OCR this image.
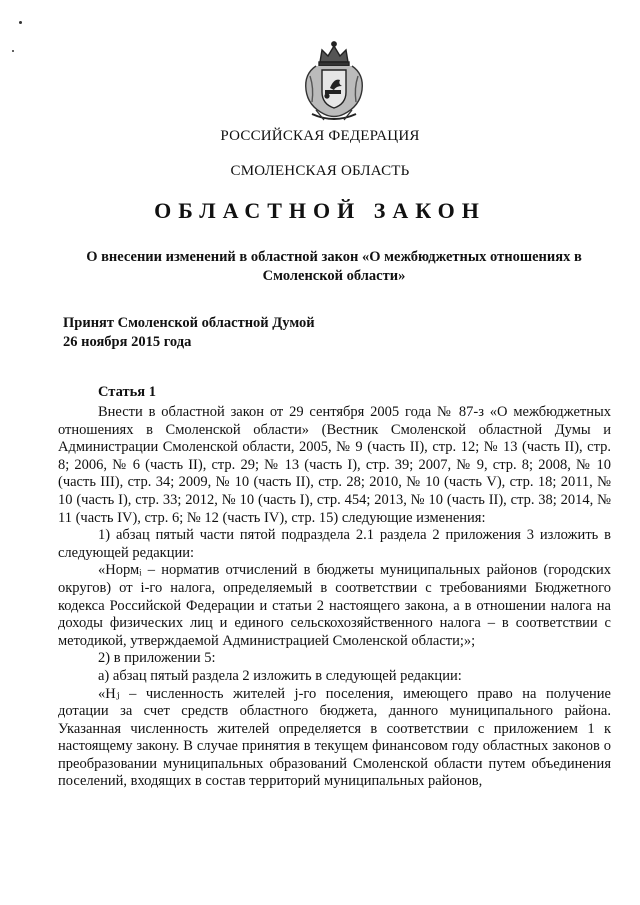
РОССИЙСКАЯ ФЕДЕРАЦИЯ
СМОЛЕНСКАЯ ОБЛАСТЬ
ОБЛАСТНОЙ ЗАКОН
О внесении изменений в областной закон «О межбюджетных отношениях в
Смоленской области»
Принят Смоленской областной Думой
26 ноября 2015 года
Статья 1

Внести в областной закон от 29 сентября 2005 года № 87-з «О межбюджетных отношениях в Смоленской области» (Вестник Смоленской областной Думы и Администрации Смоленской области, 2005, № 9 (часть II), стр. 12; № 13 (часть II), стр. 8; 2006, № 6 (часть II), стр. 29; № 13 (часть I), стр. 39; 2007, № 9, стр. 8; 2008, № 10 (часть III), стр. 34; 2009, № 10 (часть II), стр. 28; 2010, № 10 (часть V), стр. 18; 2011, № 10 (часть I), стр. 33; 2012, № 10 (часть I), стр. 454; 2013, № 10 (часть II), стр. 38; 2014, № 11 (часть IV), стр. 6; № 12 (часть IV), стр. 15) следующие изменения:

1) абзац пятый части пятой подраздела 2.1 раздела 2 приложения 3 изложить в следующей редакции:

«Нормᵢ – норматив отчислений в бюджеты муниципальных районов (городских округов) от i-го налога, определяемый в соответствии с требованиями Бюджетного кодекса Российской Федерации и статьи 2 настоящего закона, а в отношении налога на доходы физических лиц и единого сельскохозяйственного налога – в соответствии с методикой, утверждаемой Администрацией Смоленской области;»;

2) в приложении 5:

а) абзац пятый раздела 2 изложить в следующей редакции:

«Hⱼ – численность жителей j-го поселения, имеющего право на получение дотации за счет средств областного бюджета, данного муниципального района. Указанная численность жителей определяется в соответствии с приложением 1 к настоящему закону. В случае принятия в текущем финансовом году областных законов о преобразовании муниципальных образований Смоленской области путем объединения поселений, входящих в состав территорий муниципальных районов,
